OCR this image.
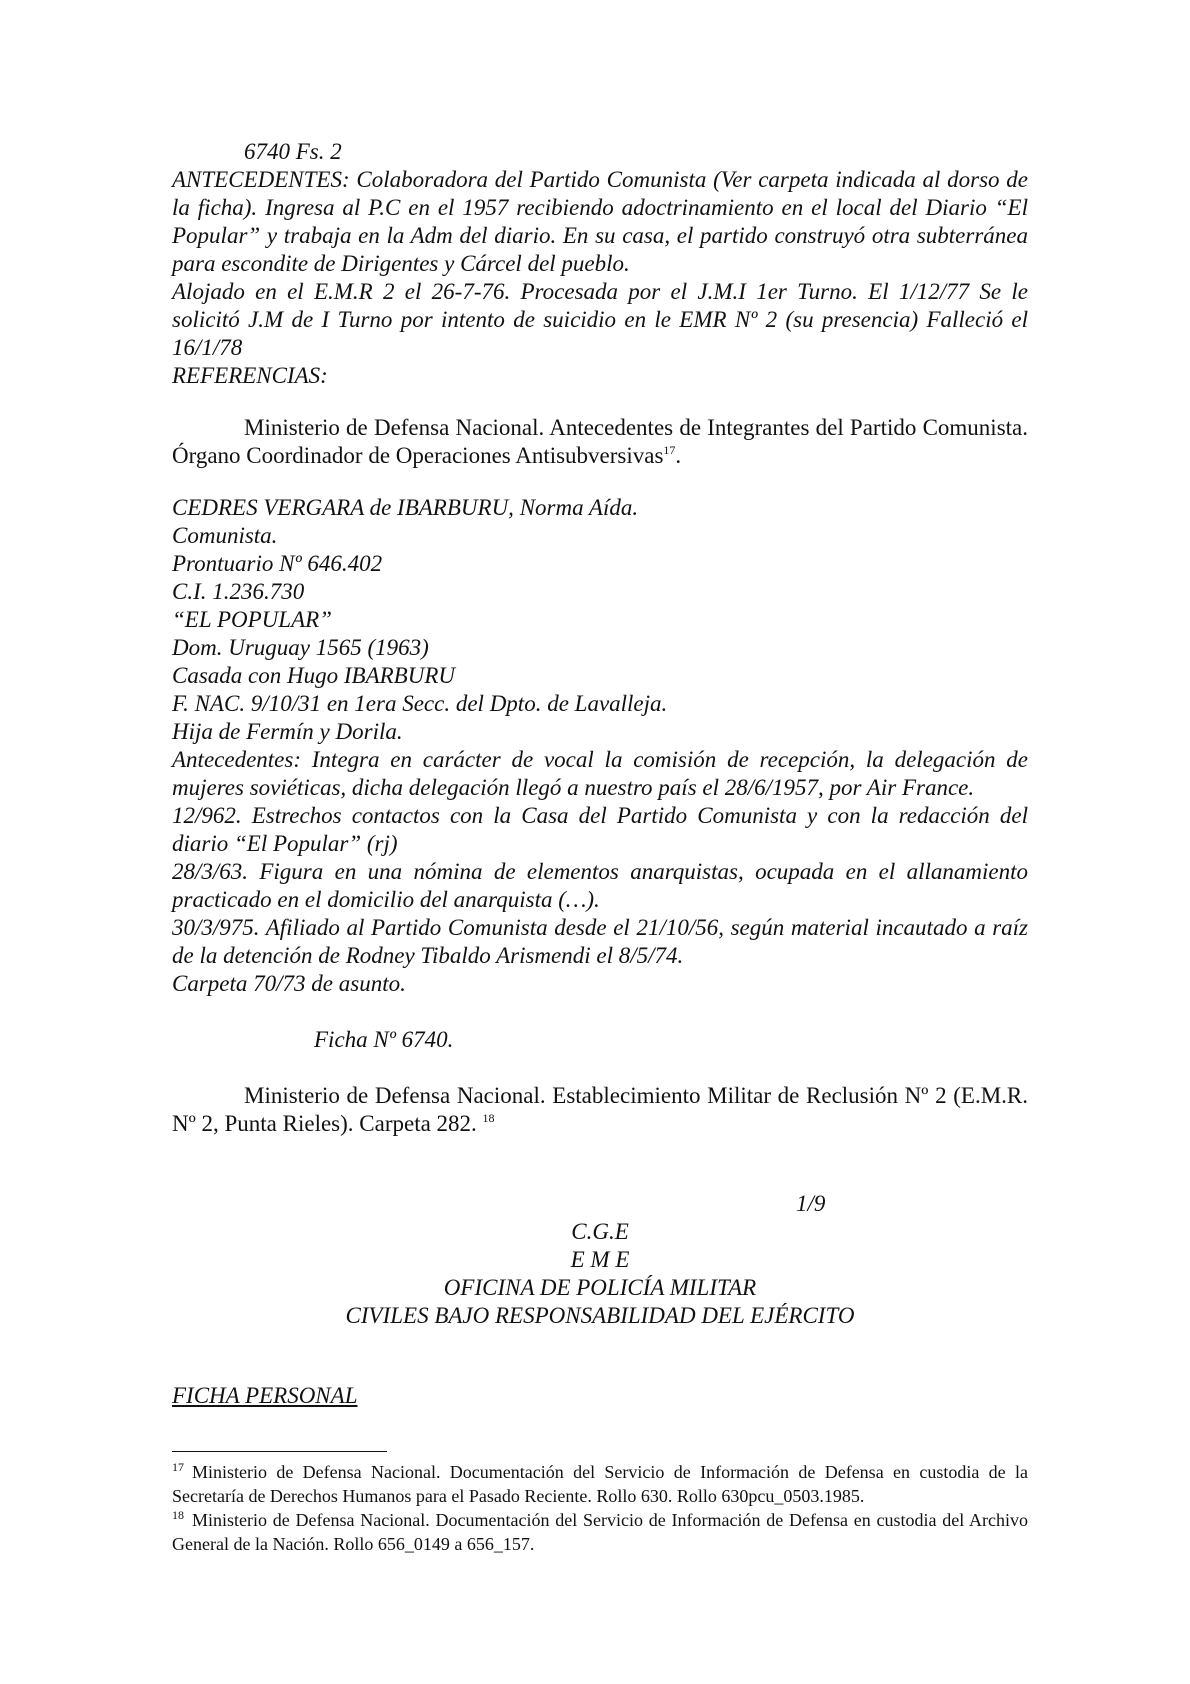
6740 Fs. 2

ANTECEDENTES: Colaboradora del Partido Comunista (Ver carpeta indicada al dorso de la ficha). Ingresa al P.C en el 1957 recibiendo adoctrinamiento en el local del Diario “El Popular” y trabaja en la Adm del diario. En su casa, el partido construyó otra subterránea para escondite de Dirigentes y Cárcel del pueblo.

Alojado en el E.M.R 2 el 26-7-76. Procesada por el J.M.I 1er Turno. El 1/12/77 Se le solicitó J.M de I Turno por intento de suicidio en le EMR Nº 2 (su presencia) Falleció el 16/1/78

REFERENCIAS:

Ministerio de Defensa Nacional. Antecedentes de Integrantes del Partido Comunista. Órgano Coordinador de Operaciones Antisubversivas$^{17}$.

CEDRES VERGARA de IBARBURU, Norma Aída.

Comunista.

Prontuario Nº 646.402

C.I. 1.236.730

“EL POPULAR”

Dom. Uruguay 1565 (1963)

Casada con Hugo IBARBURU

F. NAC. 9/10/31 en 1era Secc. del Dpto. de Lavalleja.

Hija de Fermín y Dorila.

Antecedentes: Integra en carácter de vocal la comisión de recepción, la delegación de mujeres soviéticas, dicha delegación llegó a nuestro país el 28/6/1957, por Air France.

12/962. Estrechos contactos con la Casa del Partido Comunista y con la redacción del diario “El Popular” (rj)

28/3/63. Figura en una nómina de elementos anarquistas, ocupada en el allanamiento practicado en el domicilio del anarquista (…).

30/3/975. Afiliado al Partido Comunista desde el 21/10/56, según material incautado a raíz de la detención de Rodney Tibaldo Arismendi el 8/5/74.

Carpeta 70/73 de asunto.

Ficha Nº 6740.

Ministerio de Defensa Nacional. Establecimiento Militar de Reclusión Nº 2 (E.M.R. Nº 2, Punta Rieles). Carpeta 282. $^{18}$

1/9
C.G.E
E M E
OFICINA DE POLICÍA MILITAR
CIVILES BAJO RESPONSABILIDAD DEL EJÉRCITO

FICHA PERSONAL

$^{17}$ Ministerio de Defensa Nacional. Documentación del Servicio de Información de Defensa en custodia de la Secretaría de Derechos Humanos para el Pasado Reciente. Rollo 630. Rollo 630pcu_0503.1985.

$^{18}$ Ministerio de Defensa Nacional. Documentación del Servicio de Información de Defensa en custodia del Archivo General de la Nación. Rollo 656_0149 a 656_157.
